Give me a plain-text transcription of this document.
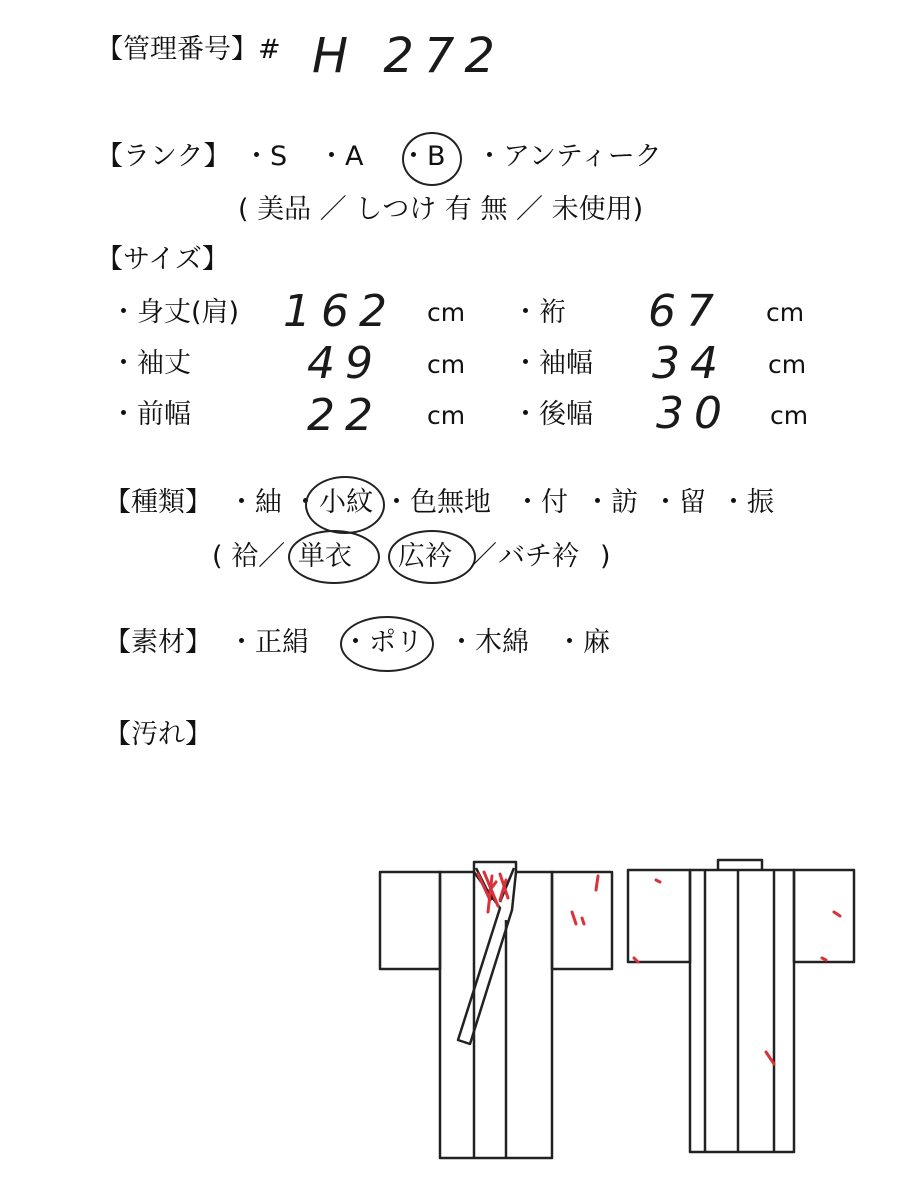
【管理番号】 # H 272
【ランク】 ・S ・A ・B ・アンティーク
( 美品 ／ しつけ 有 無 ／ 未使用)
【サイズ】
・身丈(肩) 162 cm ・裄 67 cm
・袖丈	49 cm ・袖幅 34 cm
・前幅	22 cm ・後幅 30 cm
【種類】 ・紬 ・小紋 ・色無地 ・付 ・訪 ・留 ・振
( 袷／ 単衣 広衿 ／ バチ衿 )
【素材】 ・正絹 ・ポリ ・木綿 ・麻
【汚れ】
